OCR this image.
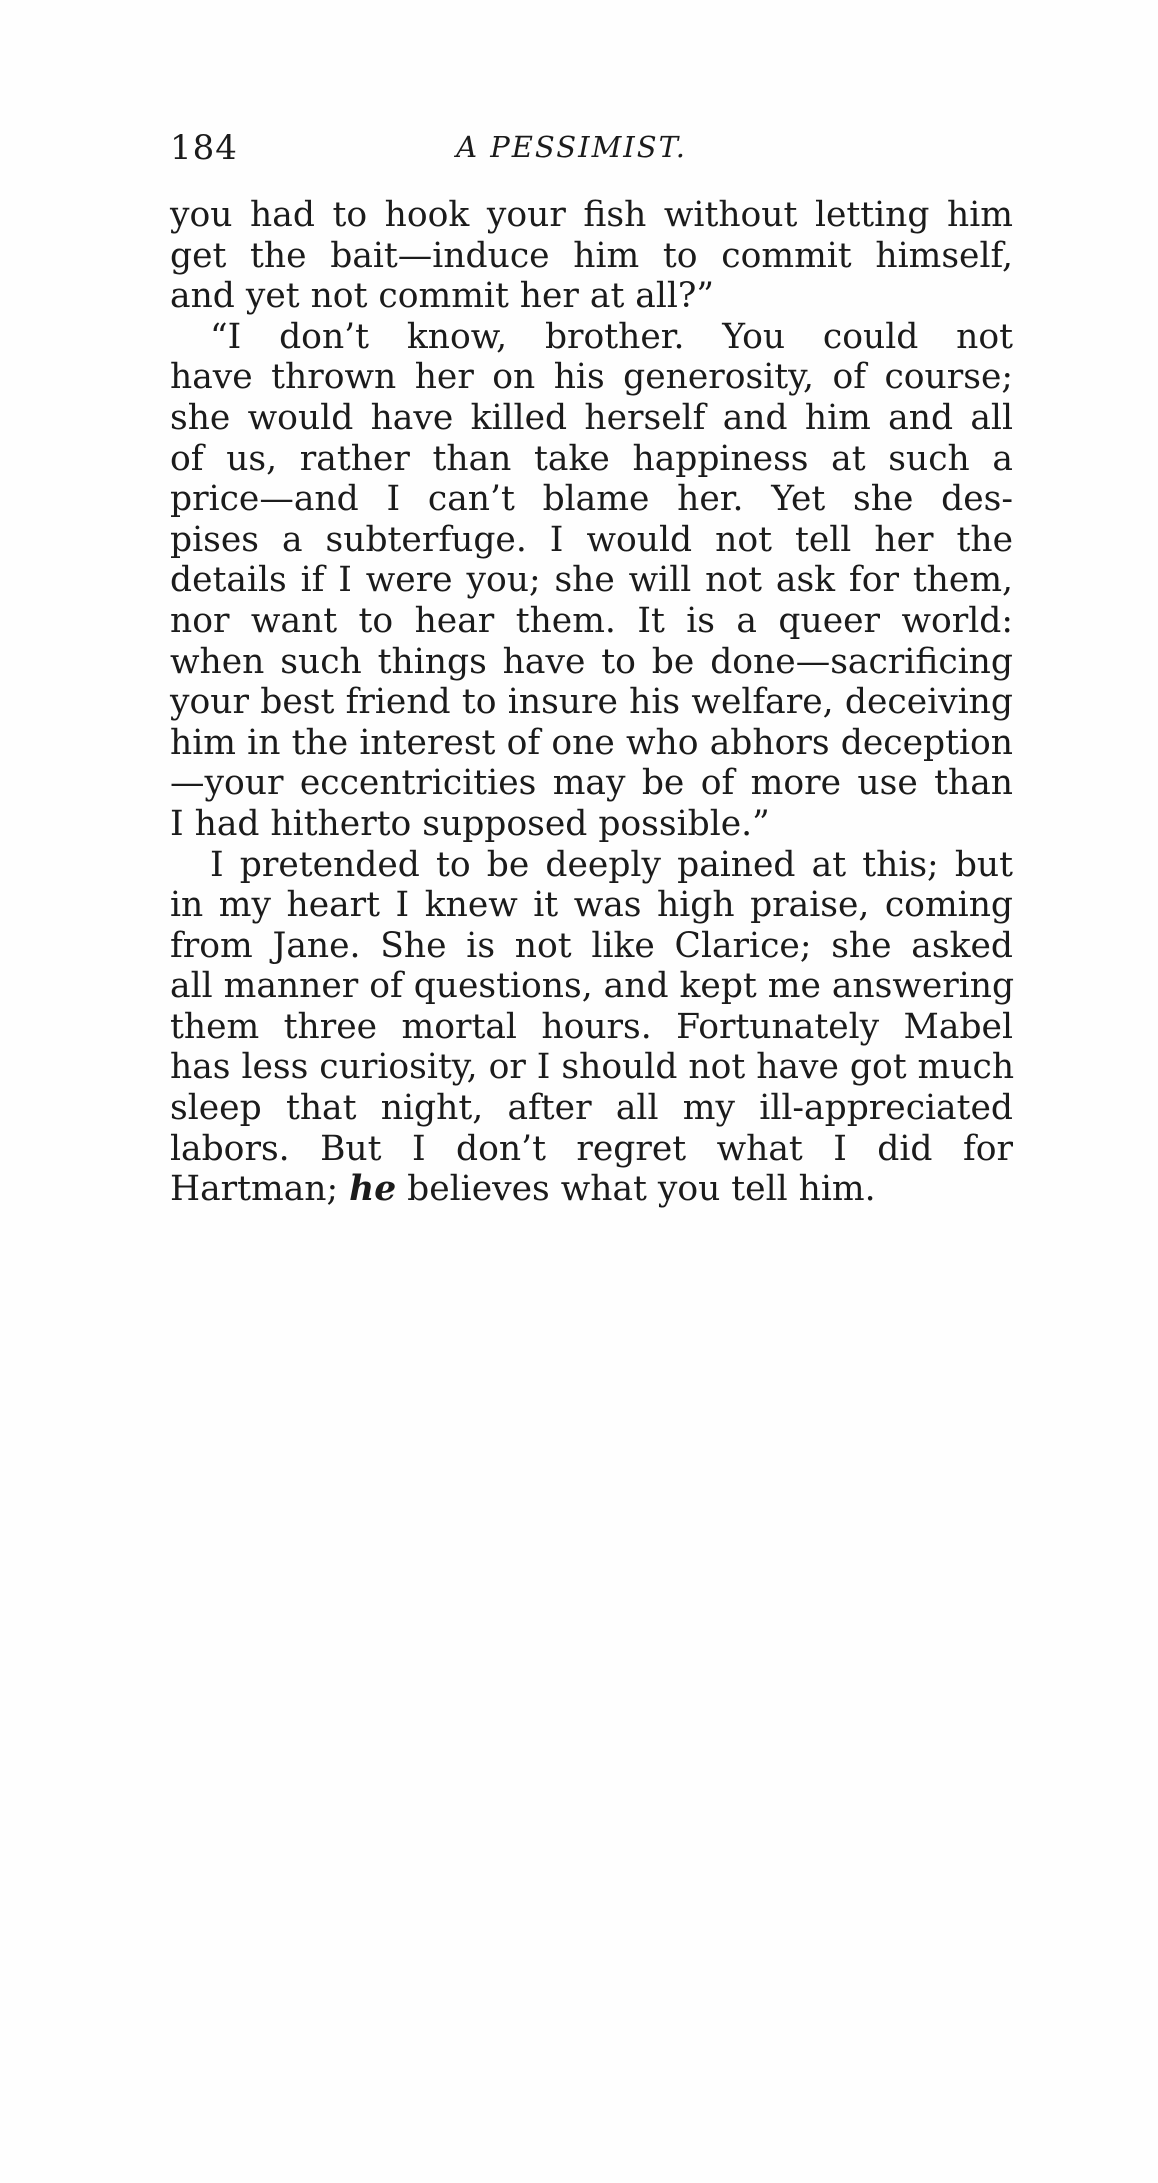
184	A PESSIMIST.
you had to hook your fish without letting him
get the bait—induce him to commit himself,
and yet not commit her at all?”
“I don’t know, brother. You could not
have thrown her on his generosity, of course;
she would have killed herself and him and all
of us, rather than take happiness at such a
price—and I can’t blame her. Yet she des-
pises a subterfuge. I would not tell her the
details if I were you; she will not ask for them,
nor want to hear them. It is a queer world:
when such things have to be done—sacrificing
your best friend to insure his welfare, deceiving
him in the interest of one who abhors deception
—your eccentricities may be of more use than
I had hitherto supposed possible.”
I pretended to be deeply pained at this; but
in my heart I knew it was high praise, coming
from Jane. She is not like Clarice; she asked
all manner of questions, and kept me answering
them three mortal hours. Fortunately Mabel
has less curiosity, or I should not have got much
sleep that night, after all my ill-appreciated
labors. But I don’t regret what I did for
Hartman; he believes what you tell him.
